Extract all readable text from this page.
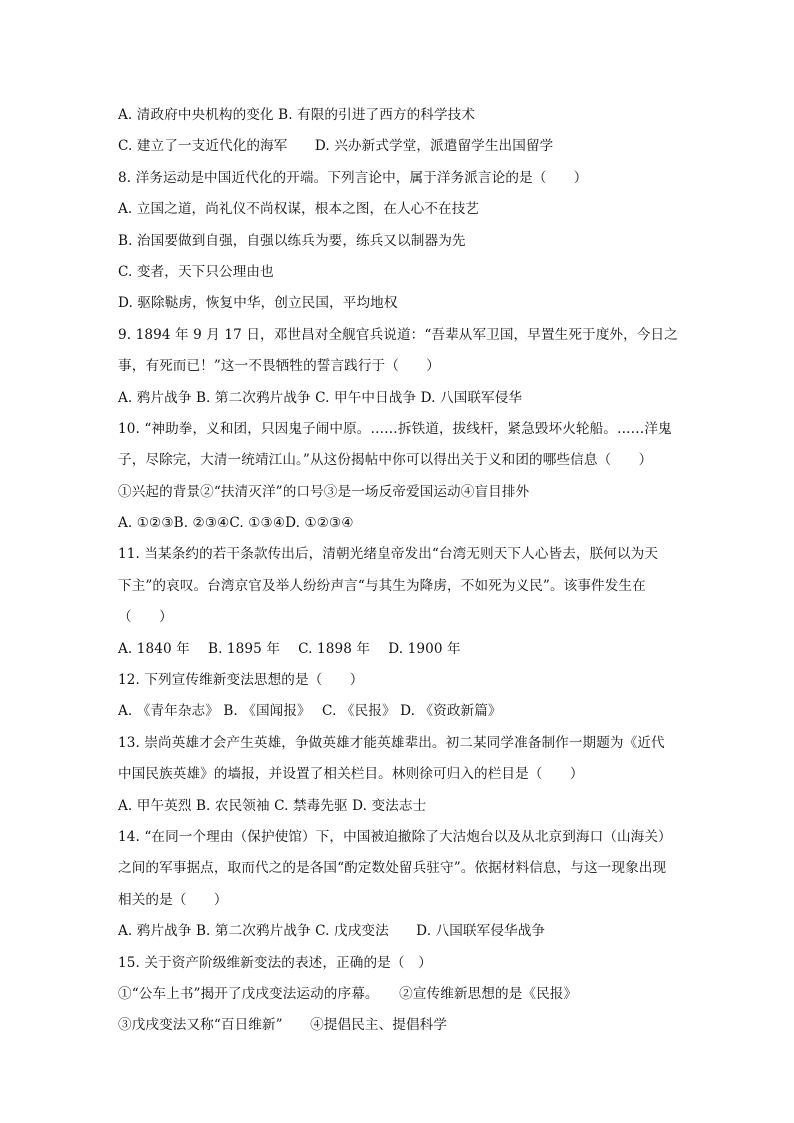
A. 清政府中央机构的变化 B. 有限的引进了西方的科学技术
C. 建立了一支近代化的海军　　D. 兴办新式学堂，派遣留学生出国留学
8. 洋务运动是中国近代化的开端。下列言论中，属于洋务派言论的是（　　）
A. 立国之道，尚礼仪不尚权谋，根本之图，在人心不在技艺
B. 治国要做到自强，自强以练兵为要，练兵又以制器为先
C. 变者，天下只公理由也
D. 驱除鞑虏，恢复中华，创立民国，平均地权
9. 1894 年 9 月 17 日，邓世昌对全舰官兵说道：“吾辈从军卫国，早置生死于度外，今日之
事，有死而已！”这一不畏牺牲的誓言践行于（　　）
A. 鸦片战争 B. 第二次鸦片战争 C. 甲午中日战争 D. 八国联军侵华
10. “神助拳，义和团，只因鬼子闹中原。……拆铁道，拔线杆，紧急毁坏火轮船。……洋鬼
子，尽除完，大清一统靖江山。”从这份揭帖中你可以得出关于义和团的哪些信息（　　）
①兴起的背景②“扶清灭洋”的口号③是一场反帝爱国运动④盲目排外
A. ①②③B. ②③④C. ①③④D. ①②③④
11. 当某条约的若干条款传出后，清朝光绪皇帝发出“台湾无则天下人心皆去，朕何以为天
下主”的哀叹。台湾京官及举人纷纷声言“与其生为降虏，不如死为义民”。该事件发生在
（　　）
A. 1840 年　 B. 1895 年　 C. 1898 年　 D. 1900 年
12. 下列宣传维新变法思想的是（　　）
A. 《青年杂志》 B. 《国闻报》　 C. 《民报》 D. 《资政新篇》
13. 崇尚英雄才会产生英雄，争做英雄才能英雄辈出。初二某同学准备制作一期题为《近代
中国民族英雄》的墙报，并设置了相关栏目。林则徐可归入的栏目是（　　）
A. 甲午英烈 B. 农民领袖 C. 禁毒先驱 D. 变法志士
14. “在同一个理由（保护使馆）下，中国被迫撤除了大沽炮台以及从北京到海口（山海关）
之间的军事据点，取而代之的是各国“酌定数处留兵驻守”。依据材料信息，与这一现象出现
相关的是（　　）
A. 鸦片战争 B. 第二次鸦片战争 C. 戊戌变法　　D. 八国联军侵华战争
15. 关于资产阶级维新变法的表述，正确的是（　）
①“公车上书”揭开了戊戌变法运动的序幕。　　②宣传维新思想的是《民报》
③戊戌变法又称“百日维新”　　④提倡民主、提倡科学
